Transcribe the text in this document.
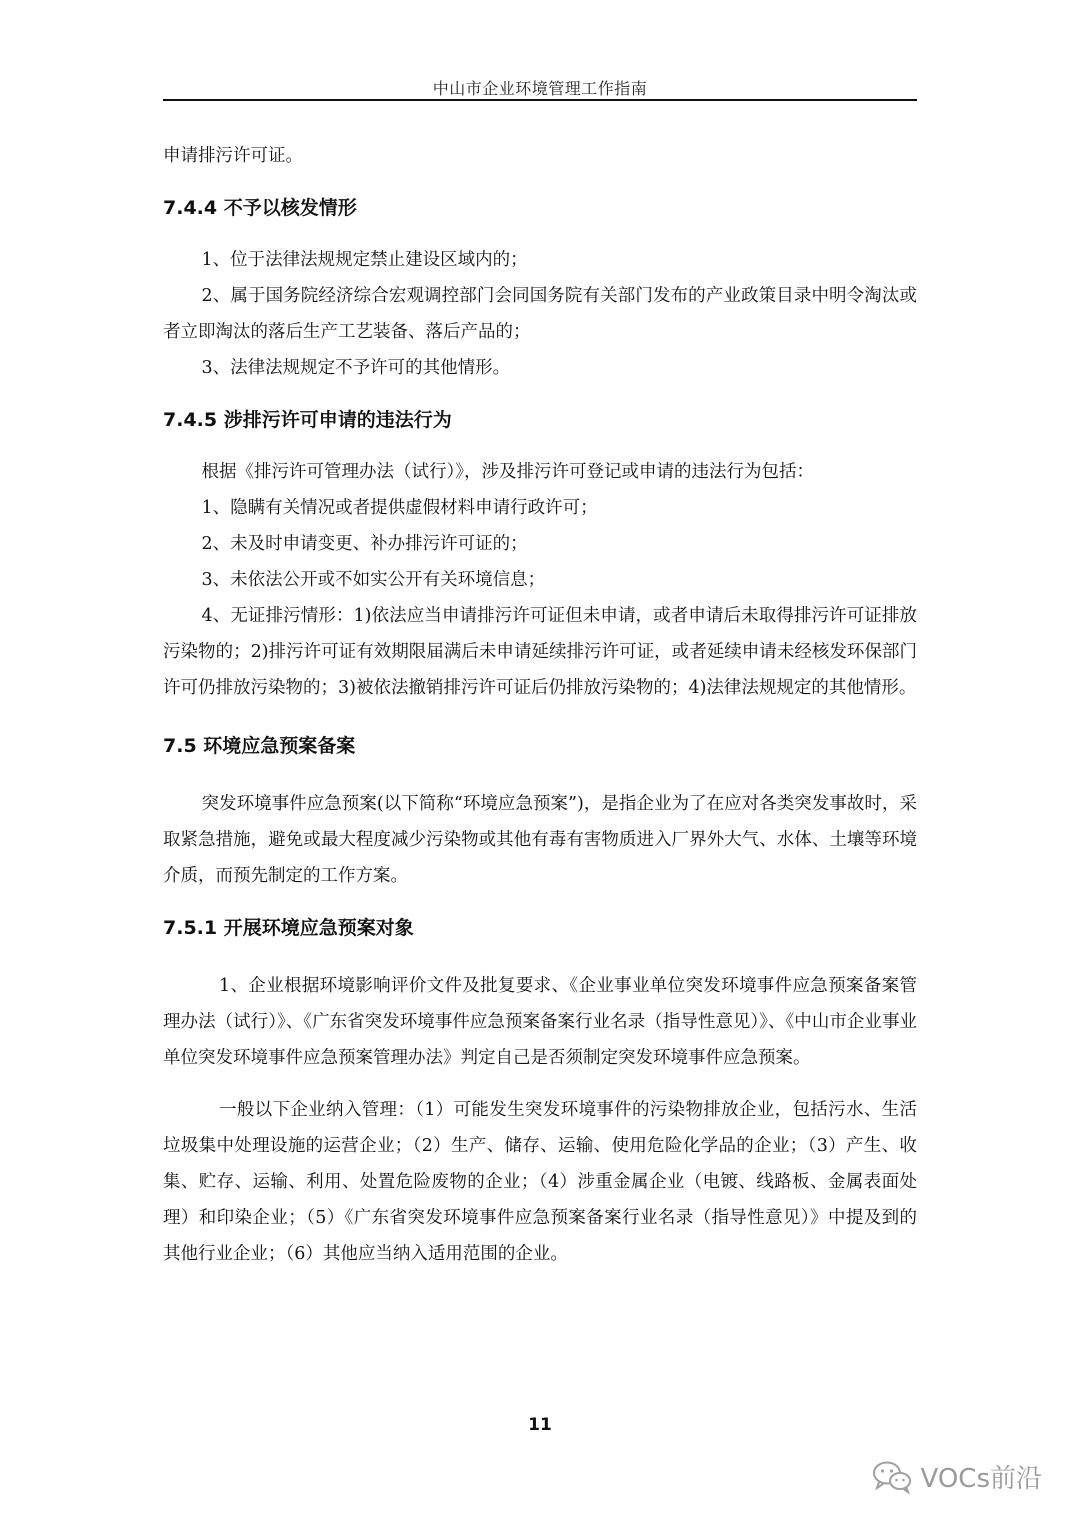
中山市企业环境管理工作指南

申请排污许可证。

7.4.4 不予以核发情形

1、位于法律法规规定禁止建设区域内的；

2、属于国务院经济综合宏观调控部门会同国务院有关部门发布的产业政策目录中明令淘汰或者立即淘汰的落后生产工艺装备、落后产品的；

3、法律法规规定不予许可的其他情形。

7.4.5 涉排污许可申请的违法行为

根据《排污许可管理办法（试行）》，涉及排污许可登记或申请的违法行为包括：

1、隐瞒有关情况或者提供虚假材料申请行政许可；

2、未及时申请变更、补办排污许可证的；

3、未依法公开或不如实公开有关环境信息；

4、无证排污情形：1)依法应当申请排污许可证但未申请，或者申请后未取得排污许可证排放污染物的；2)排污许可证有效期限届满后未申请延续排污许可证，或者延续申请未经核发环保部门许可仍排放污染物的；3)被依法撤销排污许可证后仍排放污染物的；4)法律法规规定的其他情形。

7.5 环境应急预案备案

突发环境事件应急预案(以下简称“环境应急预案”)，是指企业为了在应对各类突发事故时，采取紧急措施，避免或最大程度减少污染物或其他有毒有害物质进入厂界外大气、水体、土壤等环境介质，而预先制定的工作方案。

7.5.1 开展环境应急预案对象

1、企业根据环境影响评价文件及批复要求、《企业事业单位突发环境事件应急预案备案管理办法（试行）》、《广东省突发环境事件应急预案备案行业名录（指导性意见）》、《中山市企业事业单位突发环境事件应急预案管理办法》判定自己是否须制定突发环境事件应急预案。

一般以下企业纳入管理：（1）可能发生突发环境事件的污染物排放企业，包括污水、生活垃圾集中处理设施的运营企业；（2）生产、储存、运输、使用危险化学品的企业；（3）产生、收集、贮存、运输、利用、处置危险废物的企业；（4）涉重金属企业（电镀、线路板、金属表面处理）和印染企业；（5）《广东省突发环境事件应急预案备案行业名录（指导性意见）》中提及到的其他行业企业；（6）其他应当纳入适用范围的企业。

11
VOCs前沿
